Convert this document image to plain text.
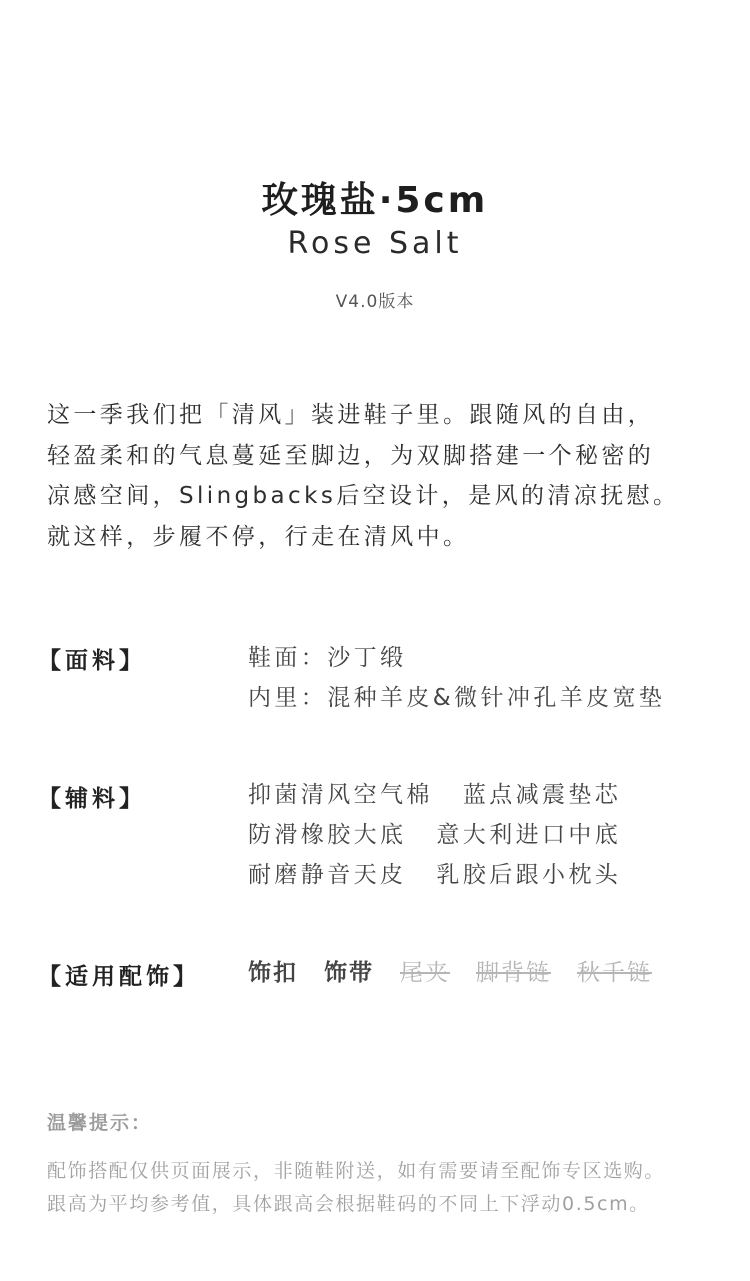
玫瑰盐·5cm
Rose Salt
V4.0版本
这一季我们把「清风」装进鞋子里。跟随风的自由，
轻盈柔和的气息蔓延至脚边，为双脚搭建一个秘密的
凉感空间，Slingbacks后空设计，是风的清凉抚慰。
就这样，步履不停，行走在清风中。
【面料】	鞋面：沙丁缎
内里：混种羊皮&微针冲孔羊皮宽垫
【辅料】	抑菌清风空气棉 蓝点减震垫芯
防滑橡胶大底 意大利进口中底
耐磨静音天皮 乳胶后跟小枕头
【适用配饰】 饰扣 饰带 尾夹 脚背链 秋千链
温馨提示：
配饰搭配仅供页面展示，非随鞋附送，如有需要请至配饰专区选购。
跟高为平均参考值，具体跟高会根据鞋码的不同上下浮动0.5cm。
